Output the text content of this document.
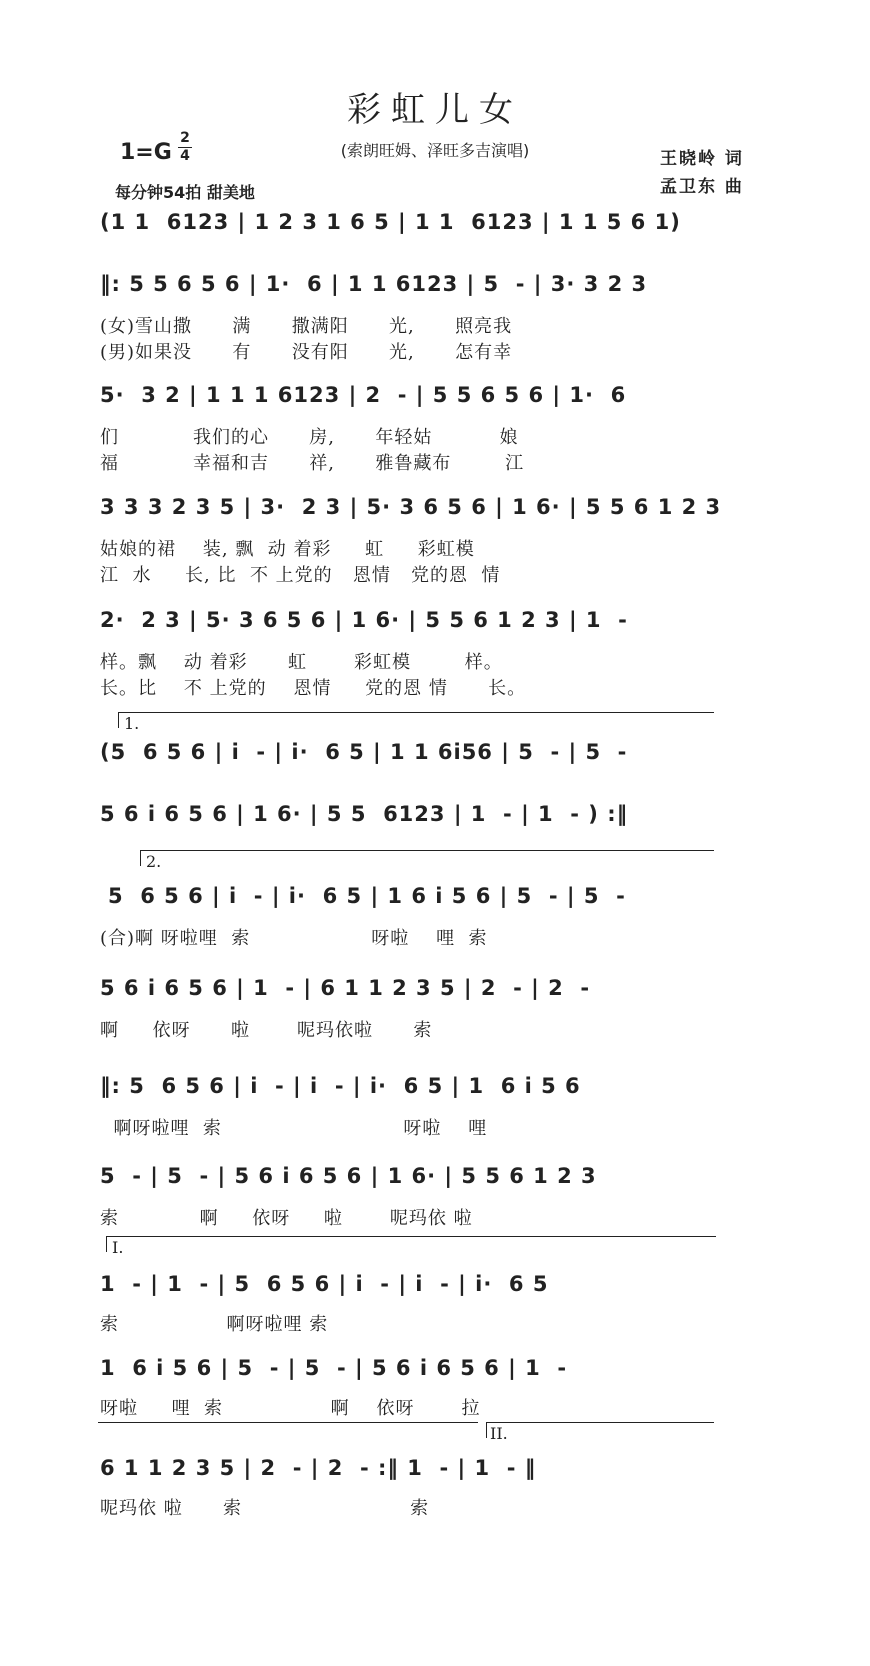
彩虹儿女
(索朗旺姆、泽旺多吉演唱)
1=G
2
4
每分钟54拍 甜美地
王晓岭 词
孟卫东 曲
(1 1  6123 | 1 2 3 1 6 5 | 1 1  6123 | 1 1 5 6 1)
‖: 5 5 6 5 6 | 1·  6 | 1 1 6123 | 5  - | 3· 3 2 3
(女)雪山撒      满      撒满阳      光,      照亮我
(男)如果没      有      没有阳      光,      怎有幸
5·  3 2 | 1 1 1 6123 | 2  - | 5 5 6 5 6 | 1·  6
们           我们的心      房,      年轻姑          娘
福           幸福和吉      祥,      雅鲁藏布        江
3 3 3 2 3 5 | 3·  2 3 | 5· 3 6 5 6 | 1 6· | 5 5 6 1 2 3
姑娘的裙    装, 飘  动 着彩     虹     彩虹模
江  水     长, 比  不 上党的   恩情   党的恩  情
2·  2 3 | 5· 3 6 5 6 | 1 6· | 5 5 6 1 2 3 | 1  -
样。飘    动 着彩      虹       彩虹模        样。
长。比    不 上党的    恩情     党的恩 情      长。
1.
(5  6 5 6 | i  - | i·  6 5 | 1 1 6i56 | 5  - | 5  -
5 6 i 6 5 6 | 1 6· | 5 5  6123 | 1  - | 1  - ) :‖
2.
5  6 5 6 | i  - | i·  6 5 | 1 6 i 5 6 | 5  - | 5  -
(合)啊 呀啦哩  索                  呀啦    哩  索
5 6 i 6 5 6 | 1  - | 6 1 1 2 3 5 | 2  - | 2  -
啊     依呀      啦       呢玛依啦      索
‖: 5  6 5 6 | i  - | i  - | i·  6 5 | 1  6 i 5 6
啊呀啦哩  索                           呀啦    哩
5  - | 5  - | 5 6 i 6 5 6 | 1 6· | 5 5 6 1 2 3
索            啊     依呀     啦       呢玛依 啦
I.
1  - | 1  - | 5  6 5 6 | i  - | i  - | i·  6 5
索                啊呀啦哩 索
1  6 i 5 6 | 5  - | 5  - | 5 6 i 6 5 6 | 1  -
呀啦     哩  索                啊    依呀       拉
II.
6 1 1 2 3 5 | 2  - | 2  - :‖ 1  - | 1  - ‖
呢玛依 啦      索                         索
